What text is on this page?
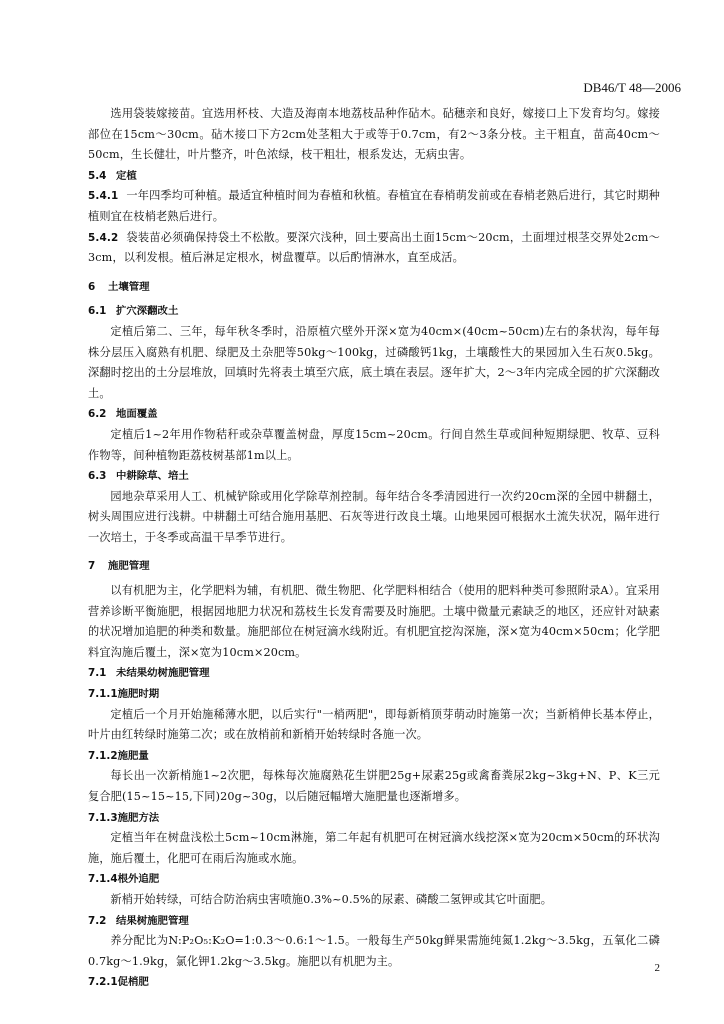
DB46/T 48—2006

选用袋装嫁接苗。宜选用杯枝、大造及海南本地荔枝品种作砧木。砧穗亲和良好，嫁接口上下发育均匀。嫁接部位在15cm～30cm。砧木接口下方2cm处茎粗大于或等于0.7cm，有2～3条分枝。主干粗直，苗高40cm～50cm，生长健壮，叶片整齐，叶色浓绿，枝干粗壮，根系发达，无病虫害。

5.4 定植

5.4.1 一年四季均可种植。最适宜种植时间为春植和秋植。春植宜在春梢萌发前或在春梢老熟后进行，其它时期种植则宜在枝梢老熟后进行。

5.4.2 袋装苗必须确保持袋土不松散。要深穴浅种，回土要高出土面15cm～20cm，土面埋过根茎交界处2cm～3cm，以利发根。植后淋足定根水，树盘覆草。以后酌情淋水，直至成活。

6 土壤管理

6.1 扩穴深翻改土

定植后第二、三年，每年秋冬季时，沿原植穴壁外开深×宽为40cm×(40cm~50cm)左右的条状沟，每年每株分层压入腐熟有机肥、绿肥及土杂肥等50kg～100kg，过磷酸钙1kg，土壤酸性大的果园加入生石灰0.5kg。深翻时挖出的土分层堆放，回填时先将表土填至穴底，底土填在表层。逐年扩大，2～3年内完成全园的扩穴深翻改土。

6.2 地面覆盖

定植后1~2年用作物秸秆或杂草覆盖树盘，厚度15cm~20cm。行间自然生草或间种短期绿肥、牧草、豆科作物等，间种植物距荔枝树基部1m以上。

6.3 中耕除草、培土

园地杂草采用人工、机械铲除或用化学除草剂控制。每年结合冬季清园进行一次约20cm深的全园中耕翻土，树头周围应进行浅耕。中耕翻土可结合施用基肥、石灰等进行改良土壤。山地果园可根据水土流失状况，隔年进行一次培土，于冬季或高温干旱季节进行。

7 施肥管理

以有机肥为主，化学肥料为辅，有机肥、微生物肥、化学肥料相结合（使用的肥料种类可参照附录A）。宜采用营养诊断平衡施肥，根据园地肥力状况和荔枝生长发育需要及时施肥。土壤中微量元素缺乏的地区，还应针对缺素的状况增加追肥的种类和数量。施肥部位在树冠滴水线附近。有机肥宜挖沟深施，深×宽为40cm×50cm；化学肥料宜沟施后覆土，深×宽为10cm×20cm。

7.1 未结果幼树施肥管理

7.1.1施肥时期

定植后一个月开始施稀薄水肥，以后实行"一梢两肥"，即每新梢顶芽萌动时施第一次；当新梢伸长基本停止，叶片由红转绿时施第二次；或在放梢前和新梢开始转绿时各施一次。

7.1.2施肥量

每长出一次新梢施1~2次肥，每株每次施腐熟花生饼肥25g+尿素25g或禽畜粪尿2kg~3kg+N、P、K三元复合肥(15~15~15,下同)20g~30g，以后随冠幅增大施肥量也逐渐增多。

7.1.3施肥方法

定植当年在树盘浅松土5cm~10cm淋施，第二年起有机肥可在树冠滴水线挖深×宽为20cm×50cm的环状沟施，施后覆土，化肥可在雨后沟施或水施。

7.1.4根外追肥

新梢开始转绿，可结合防治病虫害喷施0.3%~0.5%的尿素、磷酸二氢钾或其它叶面肥。

7.2 结果树施肥管理

养分配比为N:P₂O₅:K₂O=1:0.3～0.6:1～1.5。一般每生产50kg鲜果需施纯氮1.2kg～3.5kg，五氧化二磷0.7kg～1.9kg，氯化钾1.2kg～3.5kg。施肥以有机肥为主。

7.2.1促梢肥

2
